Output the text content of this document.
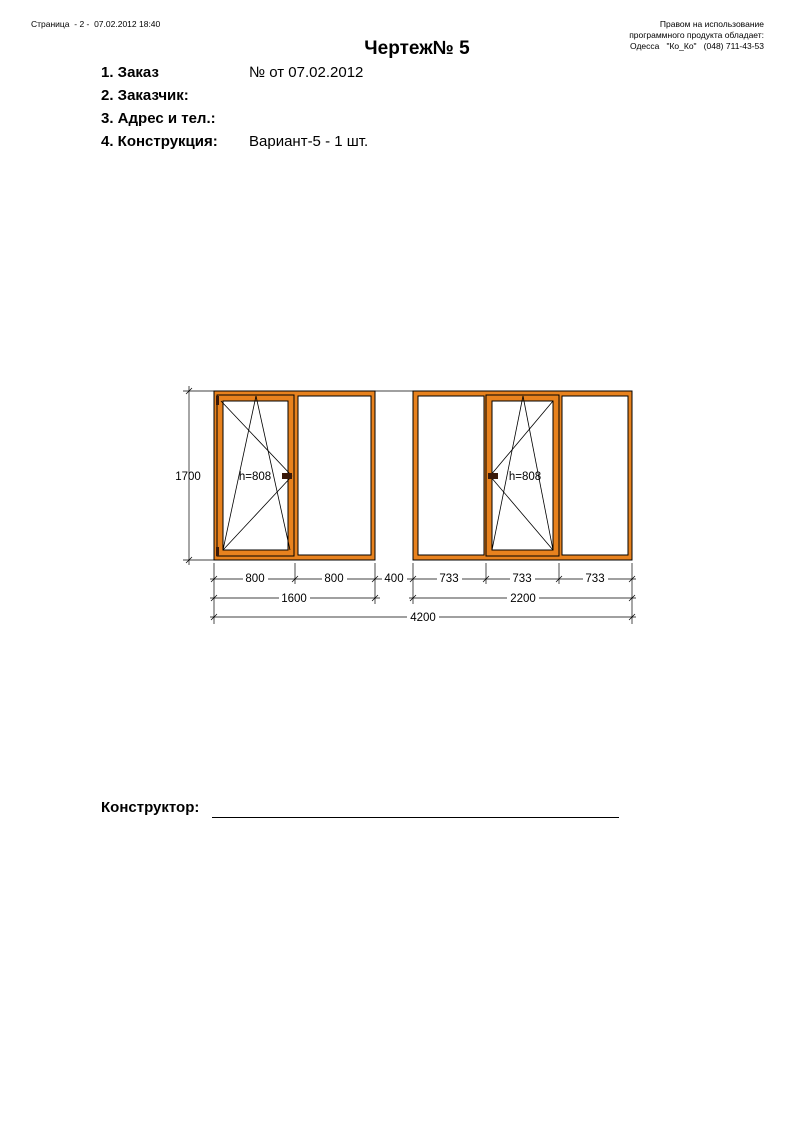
Страница  - 2 -  07.02.2012 18:40	Правом на использование
программного продукта обладает:
Одесса   "Ко_Ко"   (048) 711-43-53
Чертеж№ 5
1. Заказ	№ от 07.02.2012
2. Заказчик:
3. Адрес и тел.:
4. Конструкция: Вариант-5 - 1 шт.
h=808	h=808
1700
800	800	400	733	733	733
1600	2200
4200
Конструктор:
